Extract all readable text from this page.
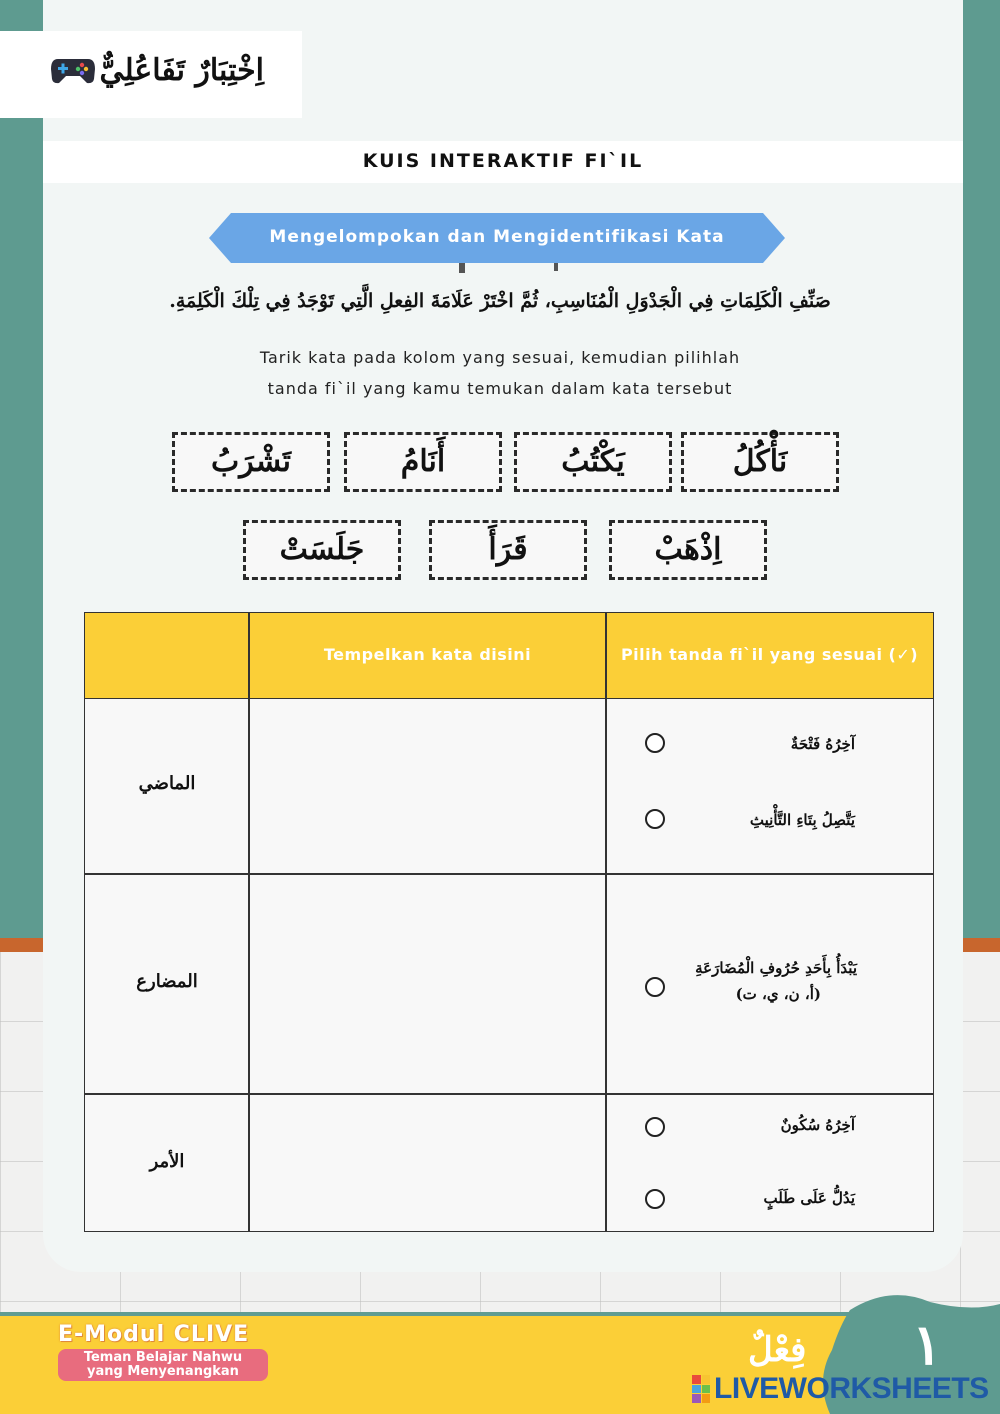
اِخْتِبَارٌ تَفَاعُلِيٌّ
KUIS INTERAKTIF FI`IL
Mengelompokan dan Mengidentifikasi Kata
صَنِّفِ الْكَلِمَاتِ فِي الْجَدْوَلِ الْمُنَاسِبِ، ثُمَّ اخْتَرْ عَلَامَةَ الفِعلِ الَّتِي تَوْجَدُ فِي تِلْكَ الْكَلِمَةِ.
Tarik kata pada kolom yang sesuai, kemudian pilihlah
tanda fi`il yang kamu temukan dalam kata tersebut
نَأْكُلُ
يَكْتُبُ
أَنَامُ
تَشْرَبُ
اِذْهَبْ
قَرَأَ
جَلَسَتْ
Tempelkan kata disini	Pilih tanda fi`il yang sesuai (✓)
الماضي
آخِرُهُ فَتْحَةٌ
يَتَّصِلُ بِتَاءِ التَّأْنِيثِ
المضارع
يَبْدَأُ بِأَحَدِ حُرُوفِ الْمُضَارَعَةِ
(أ، ن، ي، ت)
الأمر
آخِرُهُ سُكُونٌ
يَدُلُّ عَلَى طَلَبٍ
E-Modul CLIVE
Teman Belajar Nahwu
yang Menyenangkan
فِعْلٌ ١
LIVEWORKSHEETS
